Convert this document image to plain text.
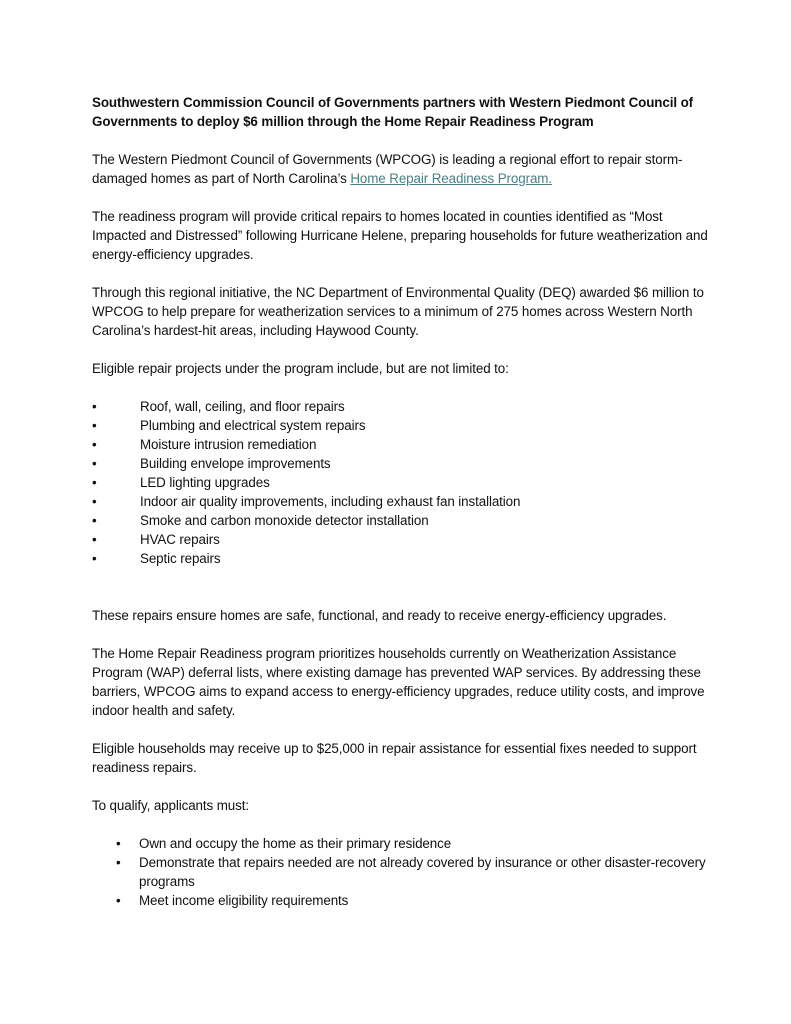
Southwestern Commission Council of Governments partners with Western Piedmont Council of Governments to deploy $6 million through the Home Repair Readiness Program

The Western Piedmont Council of Governments (WPCOG) is leading a regional effort to repair storm-damaged homes as part of North Carolina’s Home Repair Readiness Program.

The readiness program will provide critical repairs to homes located in counties identified as “Most Impacted and Distressed” following Hurricane Helene, preparing households for future weatherization and energy-efficiency upgrades.

Through this regional initiative, the NC Department of Environmental Quality (DEQ) awarded $6 million to WPCOG to help prepare for weatherization services to a minimum of 275 homes across Western North Carolina’s hardest-hit areas, including Haywood County.

Eligible repair projects under the program include, but are not limited to:

•	Roof, wall, ceiling, and floor repairs
•	Plumbing and electrical system repairs
•	Moisture intrusion remediation
•	Building envelope improvements
•	LED lighting upgrades
•	Indoor air quality improvements, including exhaust fan installation
•	Smoke and carbon monoxide detector installation
•	HVAC repairs
•	Septic repairs

These repairs ensure homes are safe, functional, and ready to receive energy-efficiency upgrades.

The Home Repair Readiness program prioritizes households currently on Weatherization Assistance Program (WAP) deferral lists, where existing damage has prevented WAP services. By addressing these barriers, WPCOG aims to expand access to energy-efficiency upgrades, reduce utility costs, and improve indoor health and safety.

Eligible households may receive up to $25,000 in repair assistance for essential fixes needed to support readiness repairs.

To qualify, applicants must:

• Own and occupy the home as their primary residence
• Demonstrate that repairs needed are not already covered by insurance or other disaster-recovery programs
• Meet income eligibility requirements
